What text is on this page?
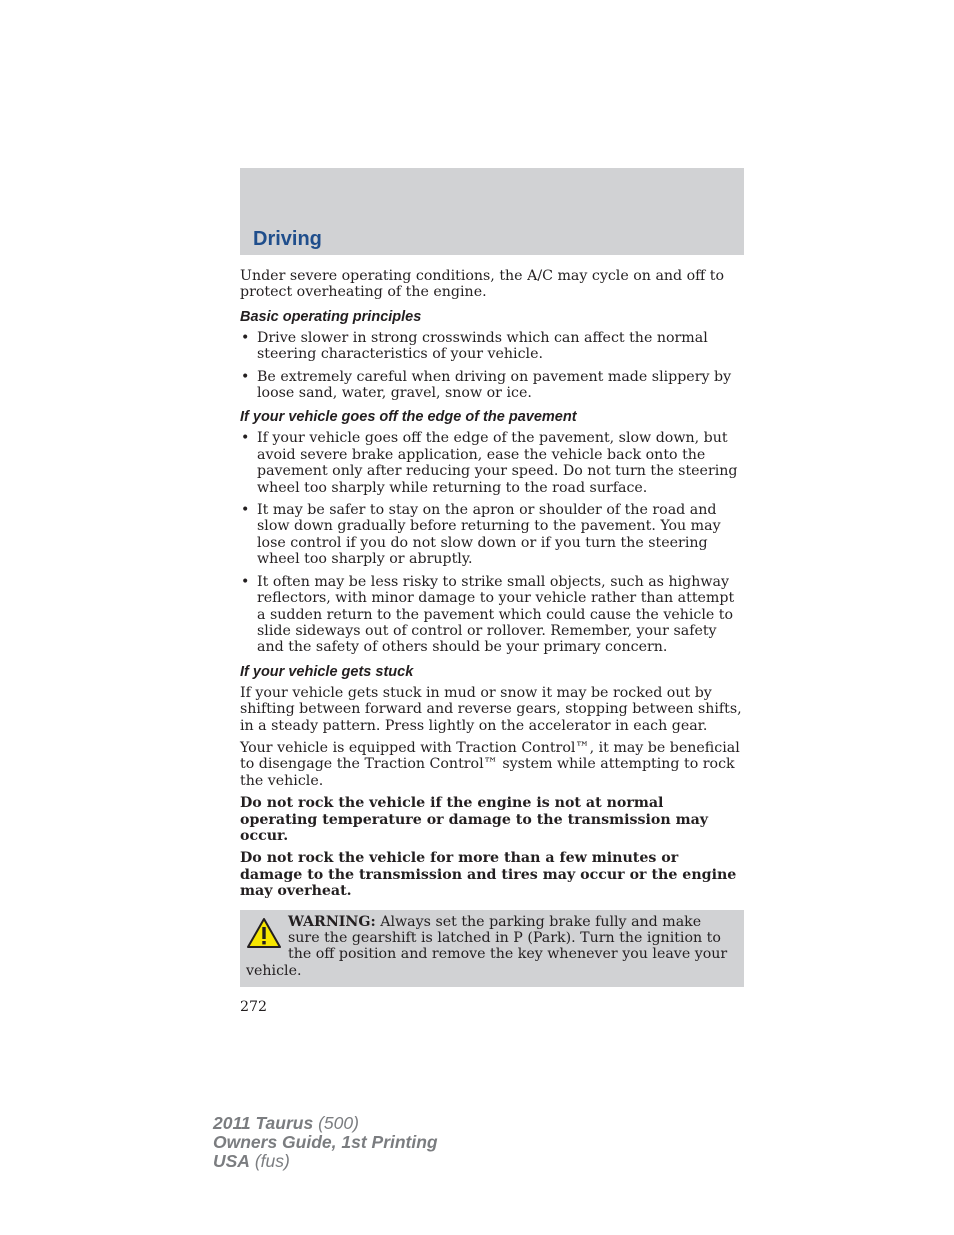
Driving

Under severe operating conditions, the A/C may cycle on and off to protect overheating of the engine.

Basic operating principles
• Drive slower in strong crosswinds which can affect the normal steering characteristics of your vehicle.
• Be extremely careful when driving on pavement made slippery by loose sand, water, gravel, snow or ice.
If your vehicle goes off the edge of the pavement
• If your vehicle goes off the edge of the pavement, slow down, but avoid severe brake application, ease the vehicle back onto the pavement only after reducing your speed. Do not turn the steering wheel too sharply while returning to the road surface.
• It may be safer to stay on the apron or shoulder of the road and slow down gradually before returning to the pavement. You may lose control if you do not slow down or if you turn the steering wheel too sharply or abruptly.
• It often may be less risky to strike small objects, such as highway reflectors, with minor damage to your vehicle rather than attempt a sudden return to the pavement which could cause the vehicle to slide sideways out of control or rollover. Remember, your safety and the safety of others should be your primary concern.
If your vehicle gets stuck

If your vehicle gets stuck in mud or snow it may be rocked out by shifting between forward and reverse gears, stopping between shifts, in a steady pattern. Press lightly on the accelerator in each gear.

Your vehicle is equipped with Traction Control™, it may be beneficial to disengage the Traction Control™ system while attempting to rock the vehicle.

Do not rock the vehicle if the engine is not at normal operating temperature or damage to the transmission may occur.

Do not rock the vehicle for more than a few minutes or damage to the transmission and tires may occur or the engine may overheat.

WARNING: Always set the parking brake fully and make sure the gearshift is latched in P (Park). Turn the ignition to the off position and remove the key whenever you leave your vehicle.
272
2011 Taurus (500)
Owners Guide, 1st Printing
USA (fus)
